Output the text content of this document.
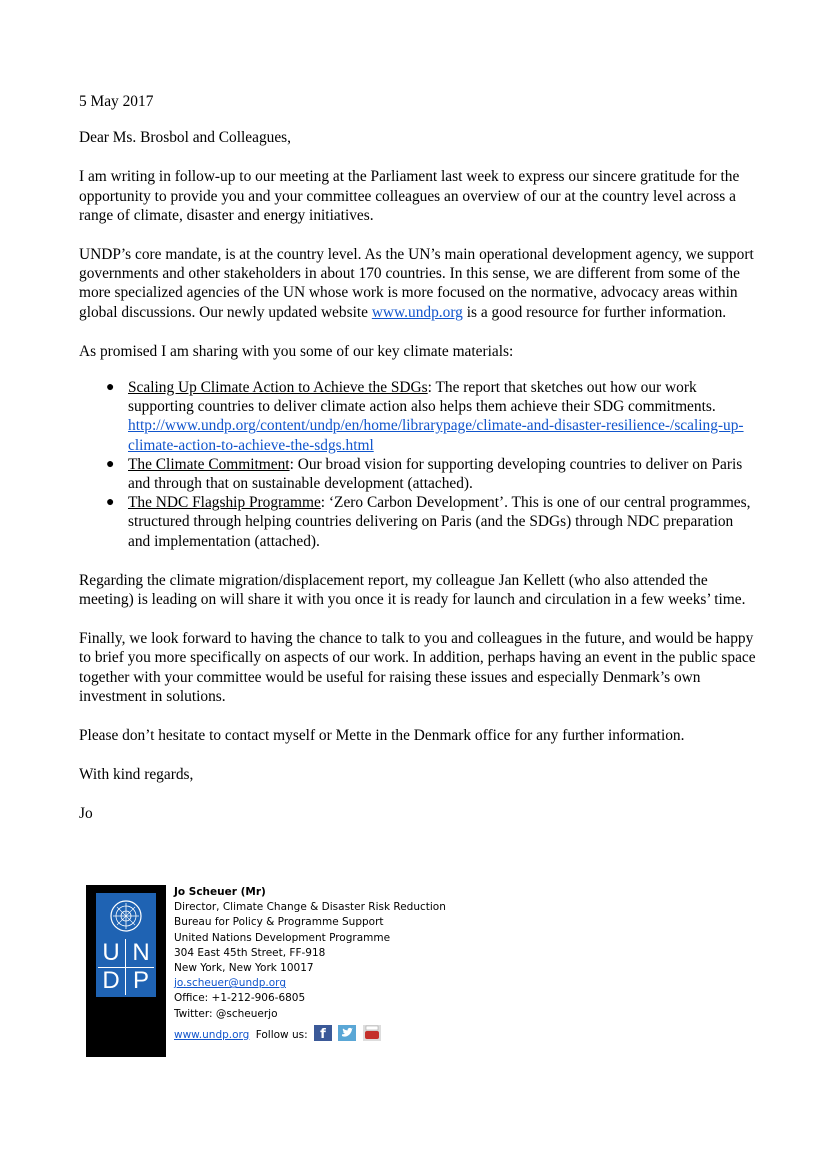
5 May 2017

Dear Ms. Brosbol and Colleagues,

I am writing in follow-up to our meeting at the Parliament last week to express our sincere gratitude for the opportunity to provide you and your committee colleagues an overview of our at the country level across a range of climate, disaster and energy initiatives.

UNDP’s core mandate, is at the country level. As the UN’s main operational development agency, we support governments and other stakeholders in about 170 countries. In this sense, we are different from some of the more specialized agencies of the UN whose work is more focused on the normative, advocacy areas within global discussions. Our newly updated website www.undp.org is a good resource for further information.

As promised I am sharing with you some of our key climate materials:

● Scaling Up Climate Action to Achieve the SDGs: The report that sketches out how our work supporting countries to deliver climate action also helps them achieve their SDG commitments. http://www.undp.org/content/undp/en/home/librarypage/climate-and-disaster-resilience-/scaling-up-climate-action-to-achieve-the-sdgs.html
● The Climate Commitment: Our broad vision for supporting developing countries to deliver on Paris and through that on sustainable development (attached).
● The NDC Flagship Programme: ‘Zero Carbon Development’. This is one of our central programmes, structured through helping countries delivering on Paris (and the SDGs) through NDC preparation and implementation (attached).

Regarding the climate migration/displacement report, my colleague Jan Kellett (who also attended the meeting) is leading on will share it with you once it is ready for launch and circulation in a few weeks’ time.

Finally, we look forward to having the chance to talk to you and colleagues in the future, and would be happy to brief you more specifically on aspects of our work. In addition, perhaps having an event in the public space together with your committee would be useful for raising these issues and especially Denmark’s own investment in solutions.

Please don’t hesitate to contact myself or Mette in the Denmark office for any further information.

With kind regards,

Jo

U N
D P
Jo Scheuer (Mr)
Director, Climate Change & Disaster Risk Reduction
Bureau for Policy & Programme Support
United Nations Development Programme
304 East 45th Street, FF-918
New York, New York 10017
jo.scheuer@undp.org
Office: +1-212-906-6805
Twitter: @scheuerjo
www.undp.org Follow us: f
